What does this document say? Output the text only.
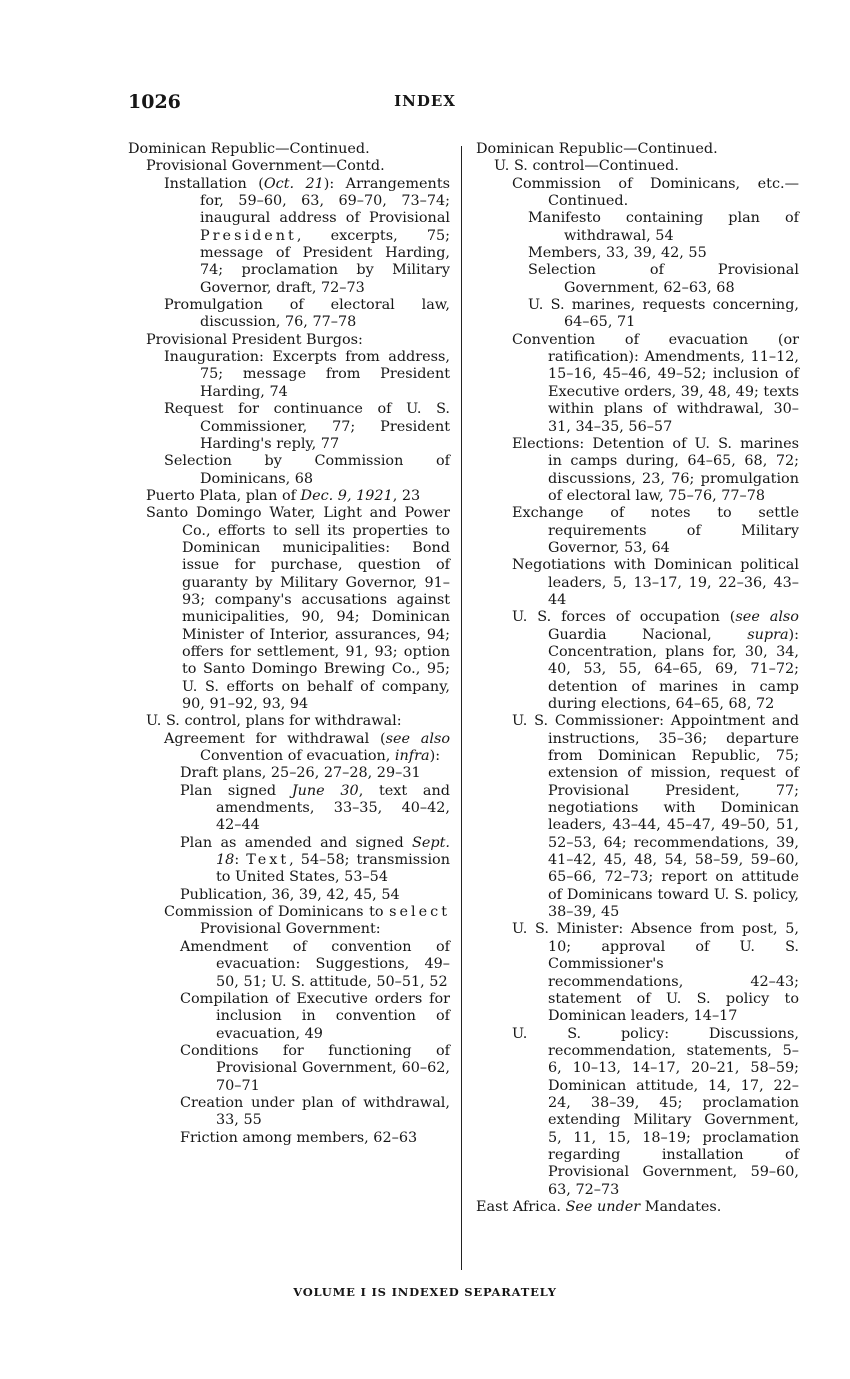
1026	INDEX
Dominican Republic—Continued.
Provisional Government—Contd.
Installation (Oct. 21): Arrangements for, 59–60, 63, 69–70, 73–74; inaugural address of Provisional President, excerpts, 75; message of President Harding, 74; proclamation by Military Governor, draft, 72–73
Promulgation of electoral law, discussion, 76, 77–78
Provisional President Burgos:
Inauguration: Excerpts from address, 75; message from President Harding, 74
Request for continuance of U. S. Commissioner, 77; President Harding's reply, 77
Selection by Commission of Dominicans, 68
Puerto Plata, plan of Dec. 9, 1921, 23
Santo Domingo Water, Light and Power Co., efforts to sell its properties to Dominican municipalities: Bond issue for purchase, question of guaranty by Military Governor, 91–93; company's accusations against municipalities, 90, 94; Dominican Minister of Interior, assurances, 94; offers for settlement, 91, 93; option to Santo Domingo Brewing Co., 95; U. S. efforts on behalf of company, 90, 91–92, 93, 94
U. S. control, plans for withdrawal:
Agreement for withdrawal (see also Convention of evacuation, infra):
Draft plans, 25–26, 27–28, 29–31
Plan signed June 30, text and amendments, 33–35, 40–42, 42–44
Plan as amended and signed Sept. 18: Text, 54–58; transmission to United States, 53–54
Publication, 36, 39, 42, 45, 54
Commission of Dominicans to select Provisional Government:
Amendment of convention of evacuation: Suggestions, 49–50, 51; U. S. attitude, 50–51, 52
Compilation of Executive orders for inclusion in convention of evacuation, 49
Conditions for functioning of Provisional Government, 60–62, 70–71
Creation under plan of withdrawal, 33, 55
Friction among members, 62–63
Dominican Republic—Continued.
U. S. control—Continued.
Commission of Dominicans, etc.—Continued.
Manifesto containing plan of withdrawal, 54
Members, 33, 39, 42, 55
Selection of Provisional Government, 62–63, 68
U. S. marines, requests concerning, 64–65, 71
Convention of evacuation (or ratification): Amendments, 11–12, 15–16, 45–46, 49–52; inclusion of Executive orders, 39, 48, 49; texts within plans of withdrawal, 30–31, 34–35, 56–57
Elections: Detention of U. S. marines in camps during, 64–65, 68, 72; discussions, 23, 76; promulgation of electoral law, 75–76, 77–78
Exchange of notes to settle requirements of Military Governor, 53, 64
Negotiations with Dominican political leaders, 5, 13–17, 19, 22–36, 43–44
U. S. forces of occupation (see also Guardia Nacional, supra): Concentration, plans for, 30, 34, 40, 53, 55, 64–65, 69, 71–72; detention of marines in camp during elections, 64–65, 68, 72
U. S. Commissioner: Appointment and instructions, 35–36; departure from Dominican Republic, 75; extension of mission, request of Provisional President, 77; negotiations with Dominican leaders, 43–44, 45–47, 49–50, 51, 52–53, 64; recommendations, 39, 41–42, 45, 48, 54, 58–59, 59–60, 65–66, 72–73; report on attitude of Dominicans toward U. S. policy, 38–39, 45
U. S. Minister: Absence from post, 5, 10; approval of U. S. Commissioner's recommendations, 42–43; statement of U. S. policy to Dominican leaders, 14–17
U. S. policy: Discussions, recommendation, statements, 5–6, 10–13, 14–17, 20–21, 58–59; Dominican attitude, 14, 17, 22–24, 38–39, 45; proclamation extending Military Government, 5, 11, 15, 18–19; proclamation regarding installation of Provisional Government, 59–60, 63, 72–73
East Africa. See under Mandates.
VOLUME I IS INDEXED SEPARATELY
